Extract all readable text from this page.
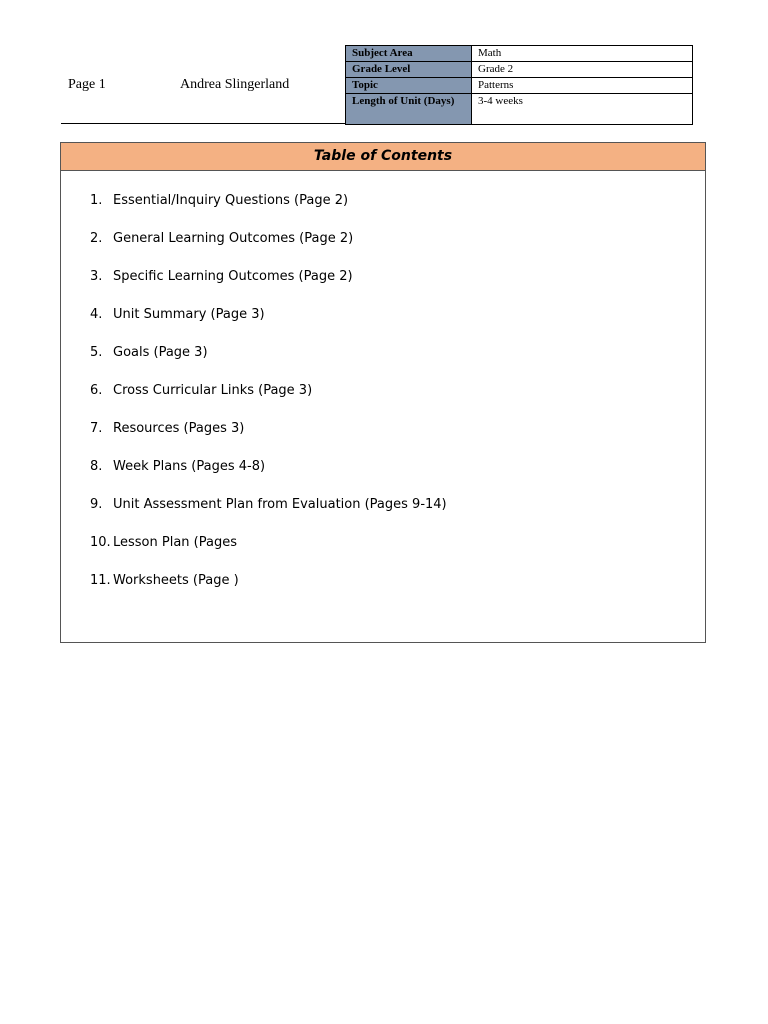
Page 1	Andrea Slingerland
Subject Area	Math
Grade Level	Grade 2
Topic	Patterns
Length of Unit (Days)	3-4 weeks
Table of Contents
1. Essential/Inquiry Questions (Page 2)
2. General Learning Outcomes (Page 2)
3. Specific Learning Outcomes (Page 2)
4. Unit Summary (Page 3)
5. Goals (Page 3)
6. Cross Curricular Links (Page 3)
7. Resources (Pages 3)
8. Week Plans (Pages 4-8)
9. Unit Assessment Plan from Evaluation (Pages 9-14)
10. Lesson Plan (Pages
11. Worksheets (Page )
